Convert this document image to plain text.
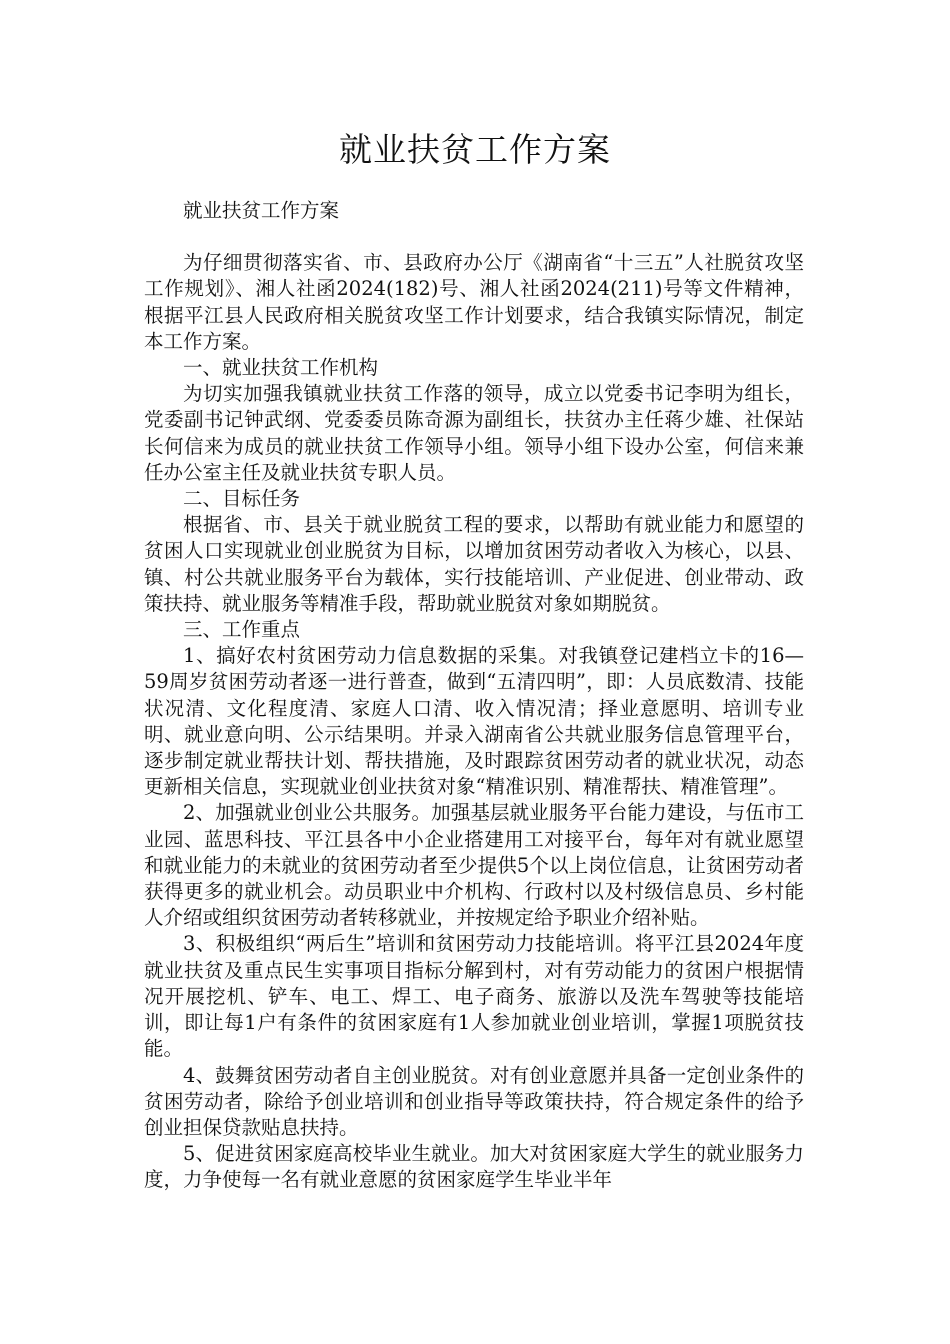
就业扶贫工作方案

就业扶贫工作方案

为仔细贯彻落实省、市、县政府办公厅《湖南省“十三五”人社脱贫攻坚工作规划》、湘人社函2024(182)号、湘人社函2024(211)号等文件精神，根据平江县人民政府相关脱贫攻坚工作计划要求，结合我镇实际情况，制定本工作方案。

一、就业扶贫工作机构

为切实加强我镇就业扶贫工作落的领导，成立以党委书记李明为组长，党委副书记钟武纲、党委委员陈奇源为副组长，扶贫办主任蒋少雄、社保站长何信来为成员的就业扶贫工作领导小组。领导小组下设办公室，何信来兼任办公室主任及就业扶贫专职人员。

二、目标任务

根据省、市、县关于就业脱贫工程的要求，以帮助有就业能力和愿望的贫困人口实现就业创业脱贫为目标，以增加贫困劳动者收入为核心，以县、镇、村公共就业服务平台为载体，实行技能培训、产业促进、创业带动、政策扶持、就业服务等精准手段，帮助就业脱贫对象如期脱贫。

三、工作重点

1、搞好农村贫困劳动力信息数据的采集。对我镇登记建档立卡的16—59周岁贫困劳动者逐一进行普查，做到“五清四明”，即：人员底数清、技能状况清、文化程度清、家庭人口清、收入情况清；择业意愿明、培训专业明、就业意向明、公示结果明。并录入湖南省公共就业服务信息管理平台，逐步制定就业帮扶计划、帮扶措施，及时跟踪贫困劳动者的就业状况，动态更新相关信息，实现就业创业扶贫对象“精准识别、精准帮扶、精准管理”。

2、加强就业创业公共服务。加强基层就业服务平台能力建设，与伍市工业园、蓝思科技、平江县各中小企业搭建用工对接平台，每年对有就业愿望和就业能力的未就业的贫困劳动者至少提供5个以上岗位信息，让贫困劳动者获得更多的就业机会。动员职业中介机构、行政村以及村级信息员、乡村能人介绍或组织贫困劳动者转移就业，并按规定给予职业介绍补贴。

3、积极组织“两后生”培训和贫困劳动力技能培训。将平江县2024年度就业扶贫及重点民生实事项目指标分解到村，对有劳动能力的贫困户根据情况开展挖机、铲车、电工、焊工、电子商务、旅游以及洗车驾驶等技能培训，即让每1户有条件的贫困家庭有1人参加就业创业培训，掌握1项脱贫技能。

4、鼓舞贫困劳动者自主创业脱贫。对有创业意愿并具备一定创业条件的贫困劳动者，除给予创业培训和创业指导等政策扶持，符合规定条件的给予创业担保贷款贴息扶持。

5、促进贫困家庭高校毕业生就业。加大对贫困家庭大学生的就业服务力度，力争使每一名有就业意愿的贫困家庭学生毕业半年
